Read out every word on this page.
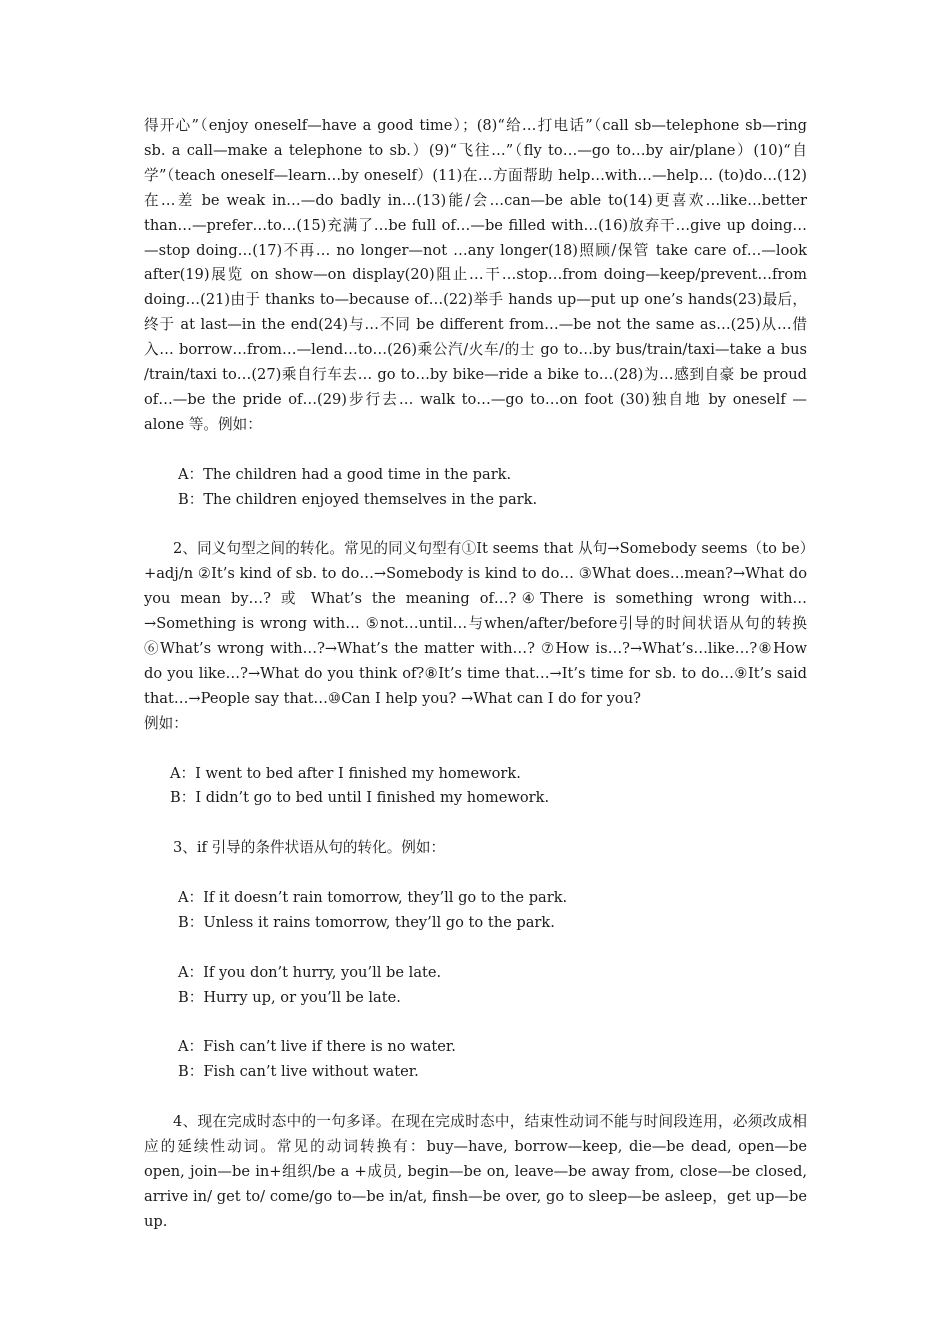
得开心”（enjoy oneself—have a good time）；(8)“给…打电话”（call sb—telephone sb—ring sb. a call—make a telephone to sb.）(9)“飞往…”（fly to…—go to…by air/plane）(10)“自学”（teach oneself—learn…by oneself）(11)在…方面帮助 help…with…—help… (to)do…(12)在…差 be weak in…—do badly in…(13)能/会…can—be able to(14)更喜欢…like…better than…—prefer…to…(15)充满了…be full of…—be filled with…(16)放弃干…give up doing…—stop doing…(17)不再… no longer—not …any longer(18)照顾/保管 take care of…—look after(19)展览 on show—on display(20)阻止…干…stop…from doing—keep/prevent…from doing…(21)由于 thanks to—because of…(22)举手 hands up—put up one’s hands(23)最后，终于 at last—in the end(24)与…不同 be different from…—be not the same as…(25)从…借入… borrow…from…—lend…to…(26)乘公汽/火车/的士 go to…by bus/train/taxi—take a bus /train/taxi to…(27)乘自行车去… go to…by bike—ride a bike to…(28)为…感到自豪 be proud of…—be the pride of…(29)步行去… walk to…—go to…on foot (30)独自地 by oneself —alone 等。例如：

A：The children had a good time in the park.

B：The children enjoyed themselves in the park.

2、同义句型之间的转化。常见的同义句型有①It seems that 从句→Somebody seems（to be）+adj/n ②It’s kind of sb. to do…→Somebody is kind to do… ③What does…mean?→What do you mean by…? 或 What’s the meaning of…?④There is something wrong with…→Something is wrong with… ⑤not…until…与when/after/before引导的时间状语从句的转换 ⑥What’s wrong with…?→What’s the matter with…? ⑦How is…?→What’s…like…?⑧How do you like…?→What do you think of?⑧It’s time that…→It’s time for sb. to do…⑨It’s said that…→People say that…⑩Can I help you? →What can I do for you?

例如：

A：I went to bed after I finished my homework.

B：I didn’t go to bed until I finished my homework.

3、if 引导的条件状语从句的转化。例如：

A：If it doesn’t rain tomorrow, they’ll go to the park.

B：Unless it rains tomorrow, they’ll go to the park.

A：If you don’t hurry, you’ll be late.

B：Hurry up, or you’ll be late.

A：Fish can’t live if there is no water.

B：Fish can’t live without water.

4、现在完成时态中的一句多译。在现在完成时态中，结束性动词不能与时间段连用，必须改成相应的延续性动词。常见的动词转换有：buy—have, borrow—keep, die—be dead, open—be open, join—be in+组织/be a +成员, begin—be on, leave—be away from, close—be closed, arrive in/ get to/ come/go to—be in/at, finsh—be over, go to sleep—be asleep，get up—be up.
